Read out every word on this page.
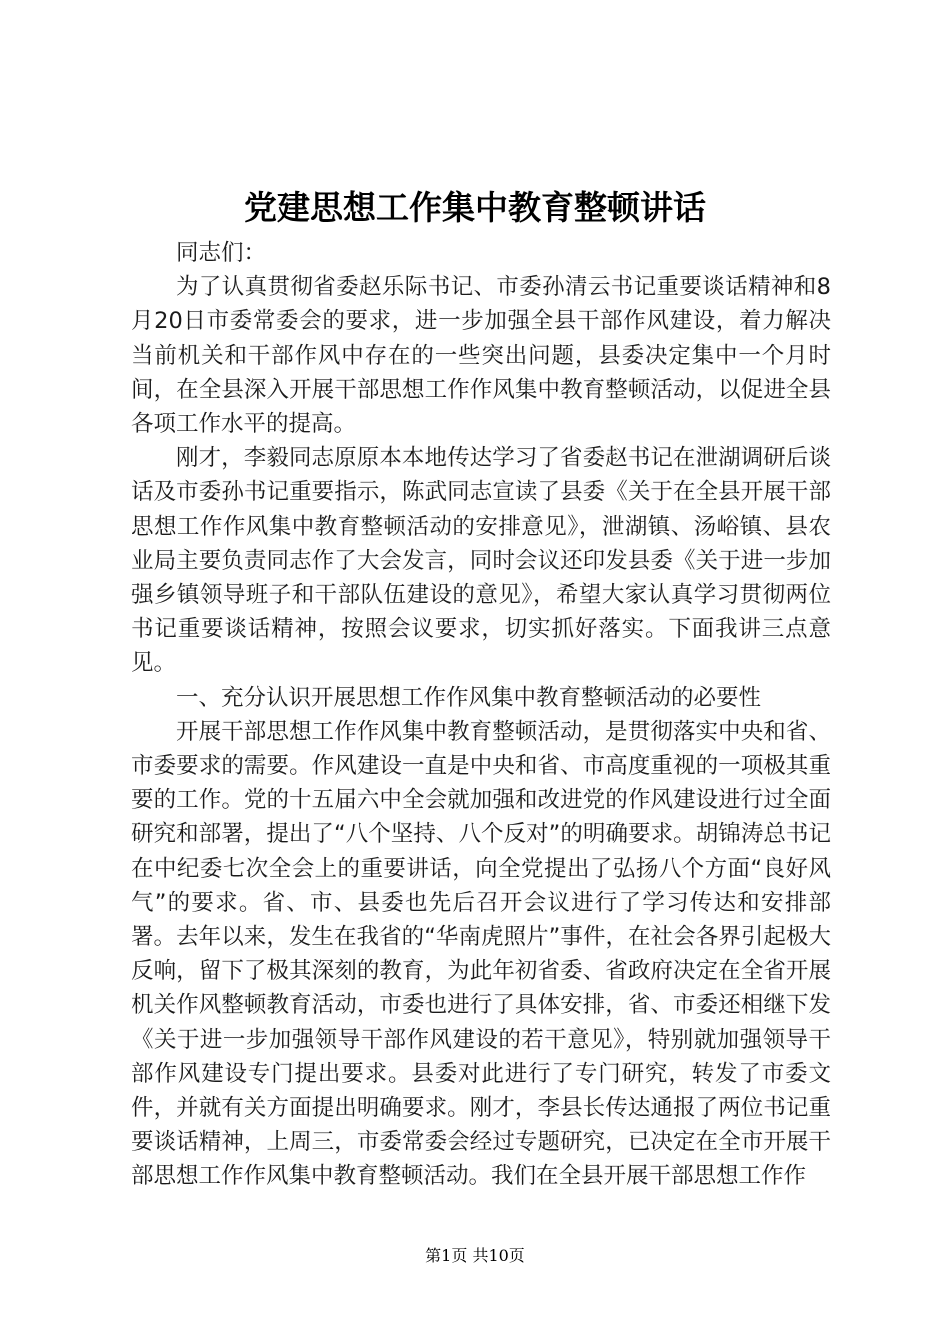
党建思想工作集中教育整顿讲话

同志们：

为了认真贯彻省委赵乐际书记、市委孙清云书记重要谈话精神和8月20日市委常委会的要求，进一步加强全县干部作风建设，着力解决当前机关和干部作风中存在的一些突出问题，县委决定集中一个月时间，在全县深入开展干部思想工作作风集中教育整顿活动，以促进全县各项工作水平的提高。

刚才，李毅同志原原本本地传达学习了省委赵书记在泄湖调研后谈话及市委孙书记重要指示，陈武同志宣读了县委《关于在全县开展干部思想工作作风集中教育整顿活动的安排意见》，泄湖镇、汤峪镇、县农业局主要负责同志作了大会发言，同时会议还印发县委《关于进一步加强乡镇领导班子和干部队伍建设的意见》，希望大家认真学习贯彻两位书记重要谈话精神，按照会议要求，切实抓好落实。下面我讲三点意见。

一、充分认识开展思想工作作风集中教育整顿活动的必要性

开展干部思想工作作风集中教育整顿活动，是贯彻落实中央和省、市委要求的需要。作风建设一直是中央和省、市高度重视的一项极其重要的工作。党的十五届六中全会就加强和改进党的作风建设进行过全面研究和部署，提出了“八个坚持、八个反对”的明确要求。胡锦涛总书记在中纪委七次全会上的重要讲话，向全党提出了弘扬八个方面“良好风气”的要求。省、市、县委也先后召开会议进行了学习传达和安排部署。去年以来，发生在我省的“华南虎照片”事件，在社会各界引起极大反响，留下了极其深刻的教育，为此年初省委、省政府决定在全省开展机关作风整顿教育活动，市委也进行了具体安排，省、市委还相继下发《关于进一步加强领导干部作风建设的若干意见》，特别就加强领导干部作风建设专门提出要求。县委对此进行了专门研究，转发了市委文件，并就有关方面提出明确要求。刚才，李县长传达通报了两位书记重要谈话精神，上周三，市委常委会经过专题研究，已决定在全市开展干部思想工作作风集中教育整顿活动。我们在全县开展干部思想工作作

第1页 共10页
